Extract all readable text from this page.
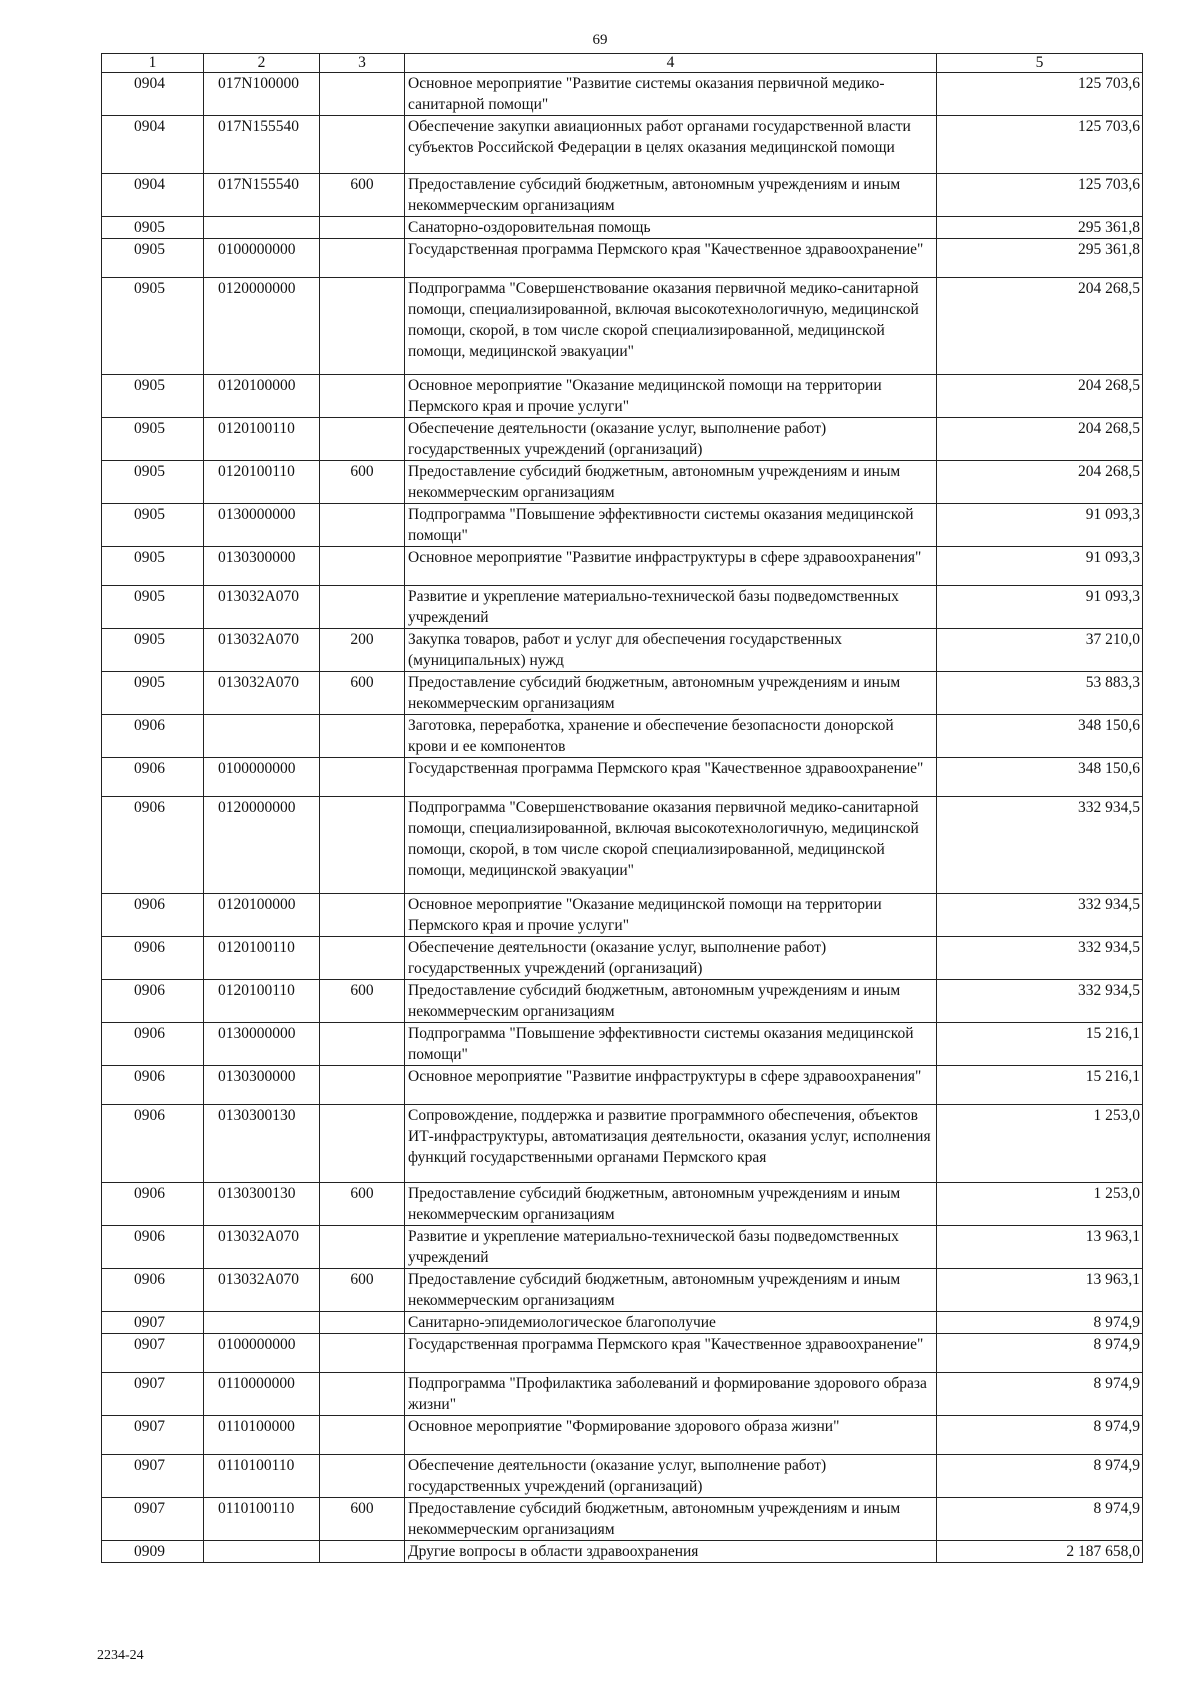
69
1	2	3	4	5
0904	017N100000		Основное мероприятие "Развитие системы оказания первичной медико-санитарной помощи"	125 703,6
0904	017N155540		Обеспечение закупки авиационных работ органами государственной власти субъектов Российской Федерации в целях оказания медицинской помощи	125 703,6
0904	017N155540	600	Предоставление субсидий бюджетным, автономным учреждениям и иным некоммерческим организациям	125 703,6
0905			Санаторно-оздоровительная помощь	295 361,8
0905	0100000000		Государственная программа Пермского края "Качественное здравоохранение"	295 361,8
0905	0120000000		Подпрограмма "Совершенствование оказания первичной медико-санитарной помощи, специализированной, включая высокотехнологичную, медицинской помощи, скорой, в том числе скорой специализированной, медицинской помощи, медицинской эвакуации"	204 268,5
0905	0120100000		Основное мероприятие "Оказание медицинской помощи на территории Пермского края и прочие услуги"	204 268,5
0905	0120100110		Обеспечение деятельности (оказание услуг, выполнение работ) государственных учреждений (организаций)	204 268,5
0905	0120100110	600	Предоставление субсидий бюджетным, автономным учреждениям и иным некоммерческим организациям	204 268,5
0905	0130000000		Подпрограмма "Повышение эффективности системы оказания медицинской помощи"	91 093,3
0905	0130300000		Основное мероприятие "Развитие инфраструктуры в сфере здравоохранения"	91 093,3
0905	013032А070		Развитие и укрепление материально-технической базы подведомственных учреждений	91 093,3
0905	013032А070	200	Закупка товаров, работ и услуг для обеспечения государственных (муниципальных) нужд	37 210,0
0905	013032А070	600	Предоставление субсидий бюджетным, автономным учреждениям и иным некоммерческим организациям	53 883,3
0906			Заготовка, переработка, хранение и обеспечение безопасности донорской крови и ее компонентов	348 150,6
0906	0100000000		Государственная программа Пермского края "Качественное здравоохранение"	348 150,6
0906	0120000000		Подпрограмма "Совершенствование оказания первичной медико-санитарной помощи, специализированной, включая высокотехнологичную, медицинской помощи, скорой, в том числе скорой специализированной, медицинской помощи, медицинской эвакуации"	332 934,5
0906	0120100000		Основное мероприятие "Оказание медицинской помощи на территории Пермского края и прочие услуги"	332 934,5
0906	0120100110		Обеспечение деятельности (оказание услуг, выполнение работ) государственных учреждений (организаций)	332 934,5
0906	0120100110	600	Предоставление субсидий бюджетным, автономным учреждениям и иным некоммерческим организациям	332 934,5
0906	0130000000		Подпрограмма "Повышение эффективности системы оказания медицинской помощи"	15 216,1
0906	0130300000		Основное мероприятие "Развитие инфраструктуры в сфере здравоохранения"	15 216,1
0906	0130300130		Сопровождение, поддержка и развитие программного обеспечения, объектов ИТ-инфраструктуры, автоматизация деятельности, оказания услуг, исполнения функций государственными органами Пермского края	1 253,0
0906	0130300130	600	Предоставление субсидий бюджетным, автономным учреждениям и иным некоммерческим организациям	1 253,0
0906	013032А070		Развитие и укрепление материально-технической базы подведомственных учреждений	13 963,1
0906	013032А070	600	Предоставление субсидий бюджетным, автономным учреждениям и иным некоммерческим организациям	13 963,1
0907			Санитарно-эпидемиологическое благополучие	8 974,9
0907	0100000000		Государственная программа Пермского края "Качественное здравоохранение"	8 974,9
0907	0110000000		Подпрограмма "Профилактика заболеваний и формирование здорового образа жизни"	8 974,9
0907	0110100000		Основное мероприятие "Формирование здорового образа жизни"	8 974,9
0907	0110100110		Обеспечение деятельности (оказание услуг, выполнение работ) государственных учреждений (организаций)	8 974,9
0907	0110100110	600	Предоставление субсидий бюджетным, автономным учреждениям и иным некоммерческим организациям	8 974,9
0909			Другие вопросы в области здравоохранения	2 187 658,0
2234-24
